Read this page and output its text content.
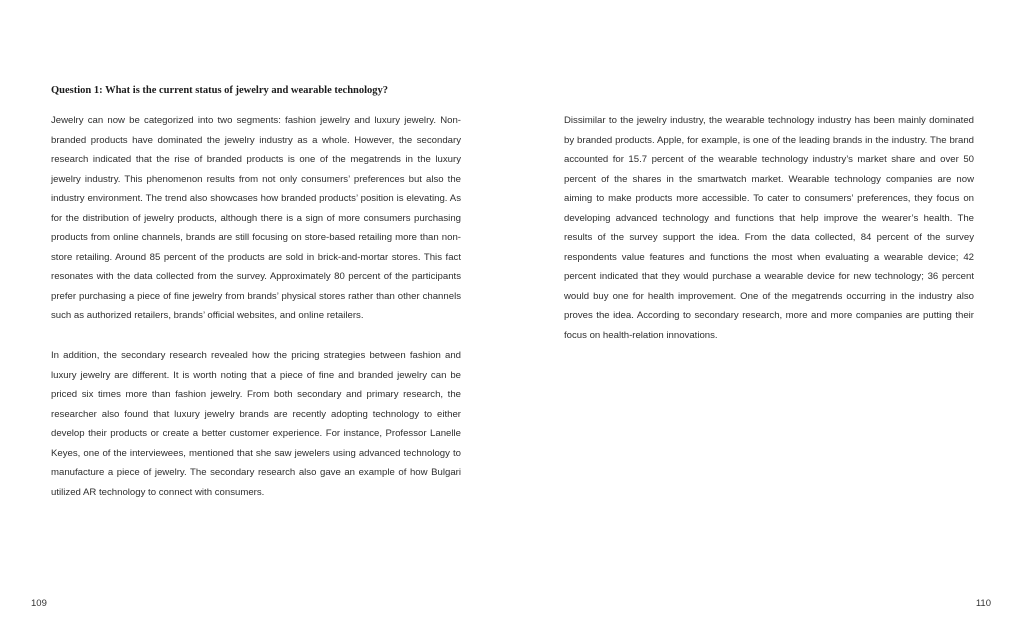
Question 1: What is the current status of jewelry and wearable technology?

Jewelry can now be categorized into two segments: fashion jewelry and luxury jewelry. Non-branded products have dominated the jewelry industry as a whole. However, the secondary research indicated that the rise of branded products is one of the megatrends in the luxury jewelry industry. This phenomenon results from not only consumers’ preferences but also the industry environment. The trend also showcases how branded products’ position is elevating. As for the distribution of jewelry products, although there is a sign of more consumers purchasing products from online channels, brands are still focusing on store-based retailing more than non-store retailing. Around 85 percent of the products are sold in brick-and-mortar stores. This fact resonates with the data collected from the survey. Approximately 80 percent of the participants prefer purchasing a piece of fine jewelry from brands’ physical stores rather than other channels such as authorized retailers, brands’ official websites, and online retailers.

In addition, the secondary research revealed how the pricing strategies between fashion and luxury jewelry are different. It is worth noting that a piece of fine and branded jewelry can be priced six times more than fashion jewelry. From both secondary and primary research, the researcher also found that luxury jewelry brands are recently adopting technology to either develop their products or create a better customer experience. For instance, Professor Lanelle Keyes, one of the interviewees, mentioned that she saw jewelers using advanced technology to manufacture a piece of jewelry. The secondary research also gave an example of how Bulgari utilized AR technology to connect with consumers.

109

Dissimilar to the jewelry industry, the wearable technology industry has been mainly dominated by branded products. Apple, for example, is one of the leading brands in the industry. The brand accounted for 15.7 percent of the wearable technology industry’s market share and over 50 percent of the shares in the smartwatch market. Wearable technology companies are now aiming to make products more accessible. To cater to consumers’ preferences, they focus on developing advanced technology and functions that help improve the wearer’s health. The results of the survey support the idea. From the data collected, 84 percent of the survey respondents value features and functions the most when evaluating a wearable device; 42 percent indicated that they would purchase a wearable device for new technology; 36 percent would buy one for health improvement. One of the megatrends occurring in the industry also proves the idea. According to secondary research, more and more companies are putting their focus on health-relation innovations.

110
